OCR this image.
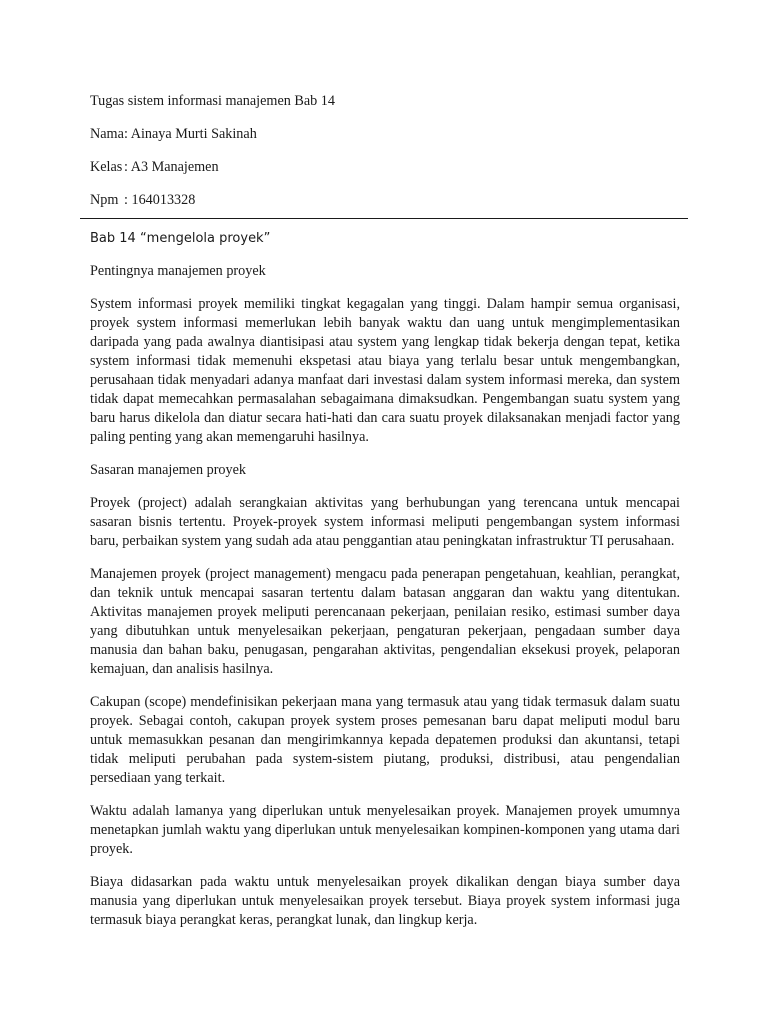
Tugas sistem informasi manajemen Bab 14
Nama : Ainaya Murti Sakinah
Kelas : A3 Manajemen
Npm : 164013328
Bab 14 “mengelola proyek”
Pentingnya manajemen proyek

System informasi proyek memiliki tingkat kegagalan yang tinggi. Dalam hampir semua organisasi, proyek system informasi memerlukan lebih banyak waktu dan uang untuk mengimplementasikan daripada yang pada awalnya diantisipasi atau system yang lengkap tidak bekerja dengan tepat, ketika system informasi tidak memenuhi ekspetasi atau biaya yang terlalu besar untuk mengembangkan, perusahaan tidak menyadari adanya manfaat dari investasi dalam system informasi mereka, dan system tidak dapat memecahkan permasalahan sebagaimana dimaksudkan. Pengembangan suatu system yang baru harus dikelola dan diatur secara hati-hati dan cara suatu proyek dilaksanakan menjadi factor yang paling penting yang akan memengaruhi hasilnya.

Sasaran manajemen proyek

Proyek (project) adalah serangkaian aktivitas yang berhubungan yang terencana untuk mencapai sasaran bisnis tertentu. Proyek-proyek system informasi meliputi pengembangan system informasi baru, perbaikan system yang sudah ada atau penggantian atau peningkatan infrastruktur TI perusahaan.

Manajemen proyek (project management) mengacu pada penerapan pengetahuan, keahlian, perangkat, dan teknik untuk mencapai sasaran tertentu dalam batasan anggaran dan waktu yang ditentukan. Aktivitas manajemen proyek meliputi perencanaan pekerjaan, penilaian resiko, estimasi sumber daya yang dibutuhkan untuk menyelesaikan pekerjaan, pengaturan pekerjaan, pengadaan sumber daya manusia dan bahan baku, penugasan, pengarahan aktivitas, pengendalian eksekusi proyek, pelaporan kemajuan, dan analisis hasilnya.

Cakupan (scope) mendefinisikan pekerjaan mana yang termasuk atau yang tidak termasuk dalam suatu proyek. Sebagai contoh, cakupan proyek system proses pemesanan baru dapat meliputi modul baru untuk memasukkan pesanan dan mengirimkannya kepada depatemen produksi dan akuntansi, tetapi tidak meliputi perubahan pada system-sistem piutang, produksi, distribusi, atau pengendalian persediaan yang terkait.

Waktu adalah lamanya yang diperlukan untuk menyelesaikan proyek. Manajemen proyek umumnya menetapkan jumlah waktu yang diperlukan untuk menyelesaikan kompinen-komponen yang utama dari proyek.

Biaya didasarkan pada waktu untuk menyelesaikan proyek dikalikan dengan biaya sumber daya manusia yang diperlukan untuk menyelesaikan proyek tersebut. Biaya proyek system informasi juga termasuk biaya perangkat keras, perangkat lunak, dan lingkup kerja.
